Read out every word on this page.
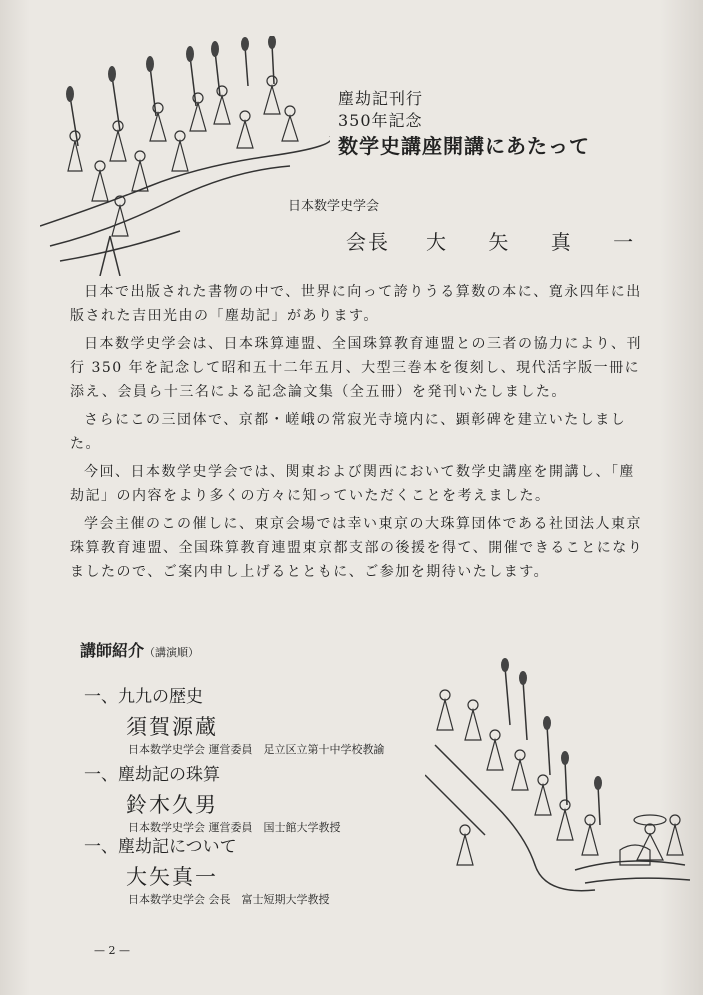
塵劫記刊行
350年記念
数学史講座開講にあたって
日本数学史学会
会長 大 矢 真 一

日本で出版された書物の中で、世界に向って誇りうる算数の本に、寛永四年に出版された吉田光由の「塵劫記」があります。

日本数学史学会は、日本珠算連盟、全国珠算教育連盟との三者の協力により、刊行 350 年を記念して昭和五十二年五月、大型三巻本を復刻し、現代活字版一冊に添え、会員ら十三名による記念論文集（全五冊）を発刊いたしました。

さらにこの三団体で、京都・嵯峨の常寂光寺境内に、顕彰碑を建立いたしました。

今回、日本数学史学会では、関東および関西において数学史講座を開講し、「塵劫記」の内容をより多くの方々に知っていただくことを考えました。

学会主催のこの催しに、東京会場では幸い東京の大珠算団体である社団法人東京珠算教育連盟、全国珠算教育連盟東京都支部の後援を得て、開催できることになりましたので、ご案内申し上げるとともに、ご参加を期待いたします。

講師紹介（講演順）
一、九九の歴史
須賀源蔵
日本数学史学会 運営委員　足立区立第十中学校教諭
一、塵劫記の珠算
鈴木久男
日本数学史学会 運営委員　国士館大学教授
一、塵劫記について
大矢真一
日本数学史学会 会長　富士短期大学教授
— 2 —
